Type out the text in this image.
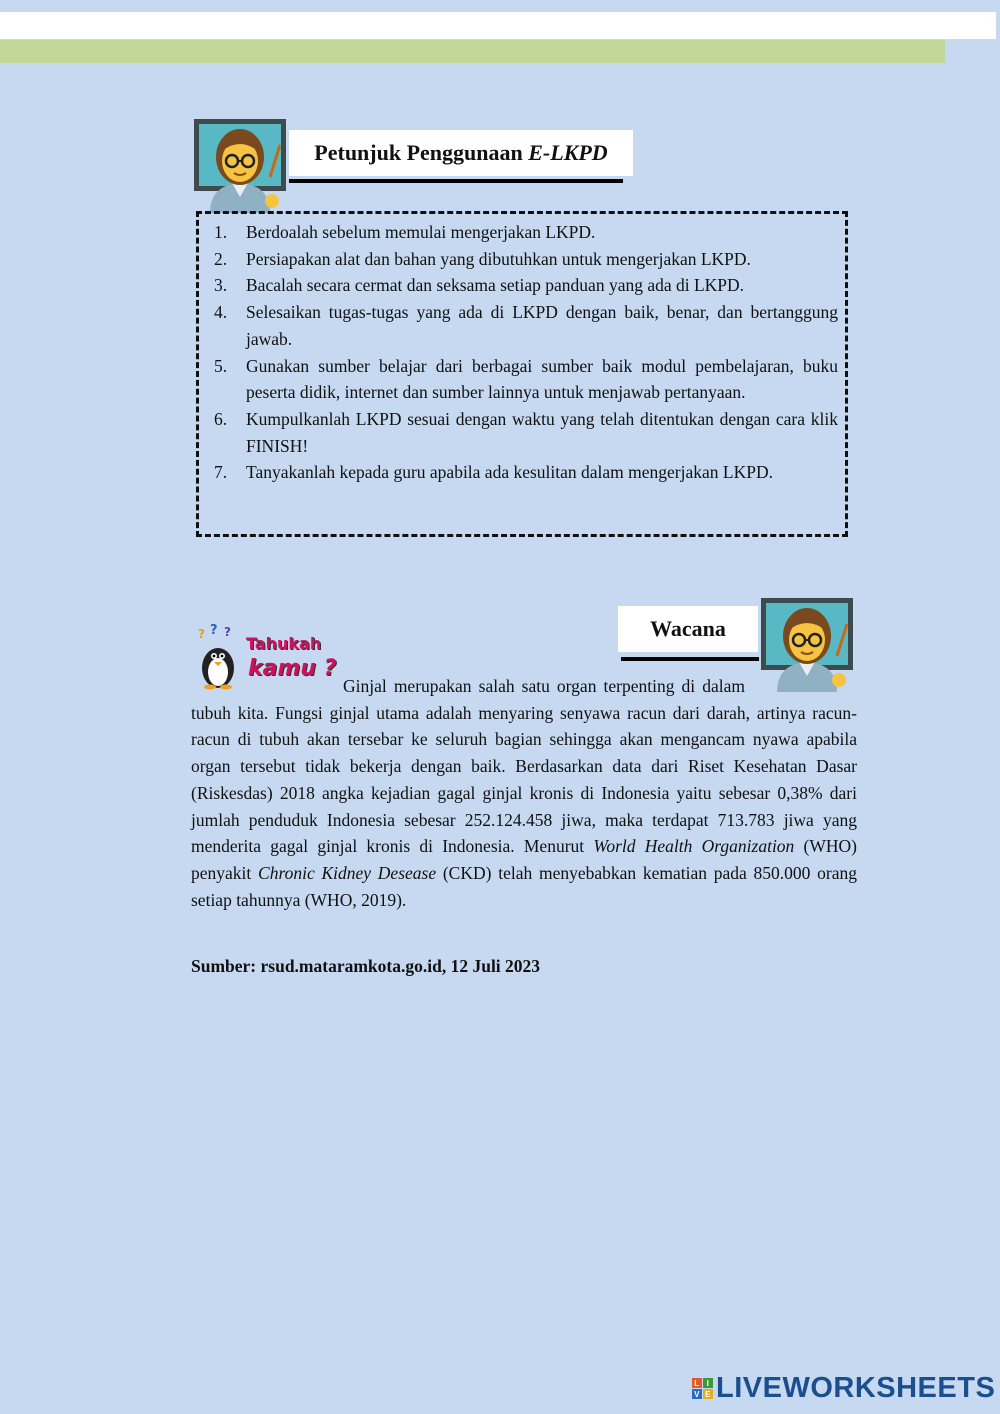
Petunjuk Penggunaan E-LKPD
1.	Berdoalah sebelum memulai mengerjakan LKPD.
2.	Persiapakan alat dan bahan yang dibutuhkan untuk mengerjakan LKPD.
3.	Bacalah secara cermat dan seksama setiap panduan yang ada di LKPD.
4.	Selesaikan tugas-tugas yang ada di LKPD dengan baik, benar, dan bertanggung jawab.
5.	Gunakan sumber belajar dari berbagai sumber baik modul pembelajaran, buku peserta didik, internet dan sumber lainnya untuk menjawab pertanyaan.
6.	Kumpulkanlah LKPD sesuai dengan waktu yang telah ditentukan dengan cara klik FINISH!
7.	Tanyakanlah kepada guru apabila ada kesulitan dalam mengerjakan LKPD.
Wacana
? ? ?
Tahukah
kamu ?

Ginjal merupakan salah satu organ terpenting di dalam tubuh kita. Fungsi ginjal utama adalah menyaring senyawa racun dari darah, artinya racun-racun di tubuh akan tersebar ke seluruh bagian sehingga akan mengancam nyawa apabila organ tersebut tidak bekerja dengan baik. Berdasarkan data dari Riset Kesehatan Dasar (Riskesdas) 2018 angka kejadian gagal ginjal kronis di Indonesia yaitu sebesar 0,38% dari jumlah penduduk Indonesia sebesar 252.124.458 jiwa, maka terdapat 713.783 jiwa yang menderita gagal ginjal kronis di Indonesia. Menurut World Health Organization (WHO) penyakit Chronic Kidney Desease (CKD) telah menyebabkan kematian pada 850.000 orang setiap tahunnya (WHO, 2019).

Sumber: rsud.mataramkota.go.id, 12 Juli 2023

L I
V E LIVEWORKSHEETS
